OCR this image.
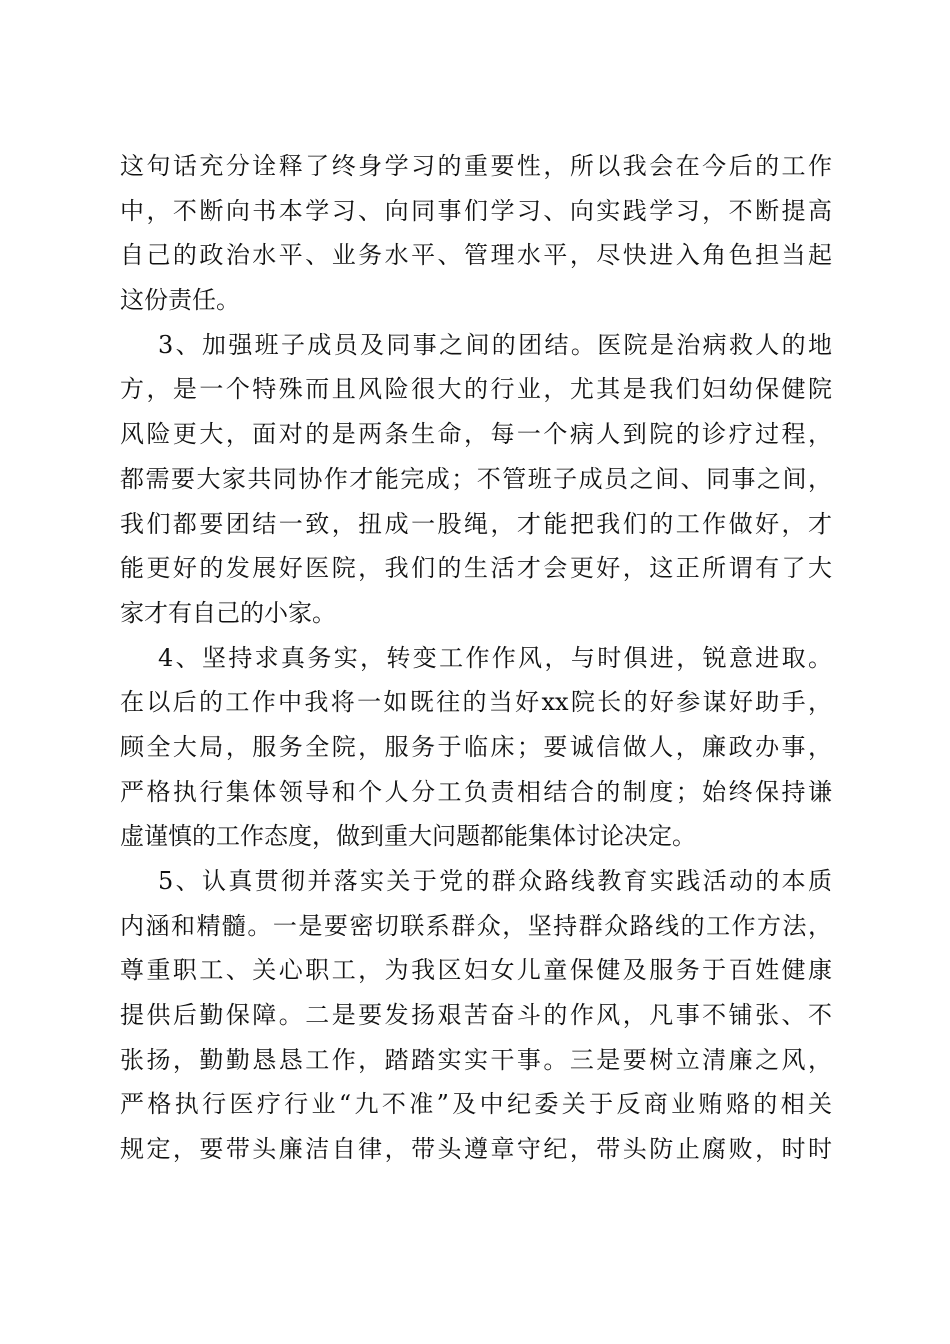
这句话充分诠释了终身学习的重要性，所以我会在今后的工作
中，不断向书本学习、向同事们学习、向实践学习，不断提高
自己的政治水平、业务水平、管理水平，尽快进入角色担当起
这份责任。
3、加强班子成员及同事之间的团结。医院是治病救人的地
方，是一个特殊而且风险很大的行业，尤其是我们妇幼保健院
风险更大，面对的是两条生命，每一个病人到院的诊疗过程，
都需要大家共同协作才能完成；不管班子成员之间、同事之间，
我们都要团结一致，扭成一股绳，才能把我们的工作做好，才
能更好的发展好医院，我们的生活才会更好，这正所谓有了大
家才有自己的小家。
4、坚持求真务实，转变工作作风，与时俱进，锐意进取。
在以后的工作中我将一如既往的当好xx院长的好参谋好助手，
顾全大局，服务全院，服务于临床；要诚信做人，廉政办事，
严格执行集体领导和个人分工负责相结合的制度；始终保持谦
虚谨慎的工作态度，做到重大问题都能集体讨论决定。
5、认真贯彻并落实关于党的群众路线教育实践活动的本质
内涵和精髓。一是要密切联系群众，坚持群众路线的工作方法，
尊重职工、关心职工，为我区妇女儿童保健及服务于百姓健康
提供后勤保障。二是要发扬艰苦奋斗的作风，凡事不铺张、不
张扬，勤勤恳恳工作，踏踏实实干事。三是要树立清廉之风，
严格执行医疗行业“九不准”及中纪委关于反商业贿赂的相关
规定，要带头廉洁自律，带头遵章守纪，带头防止腐败，时时
